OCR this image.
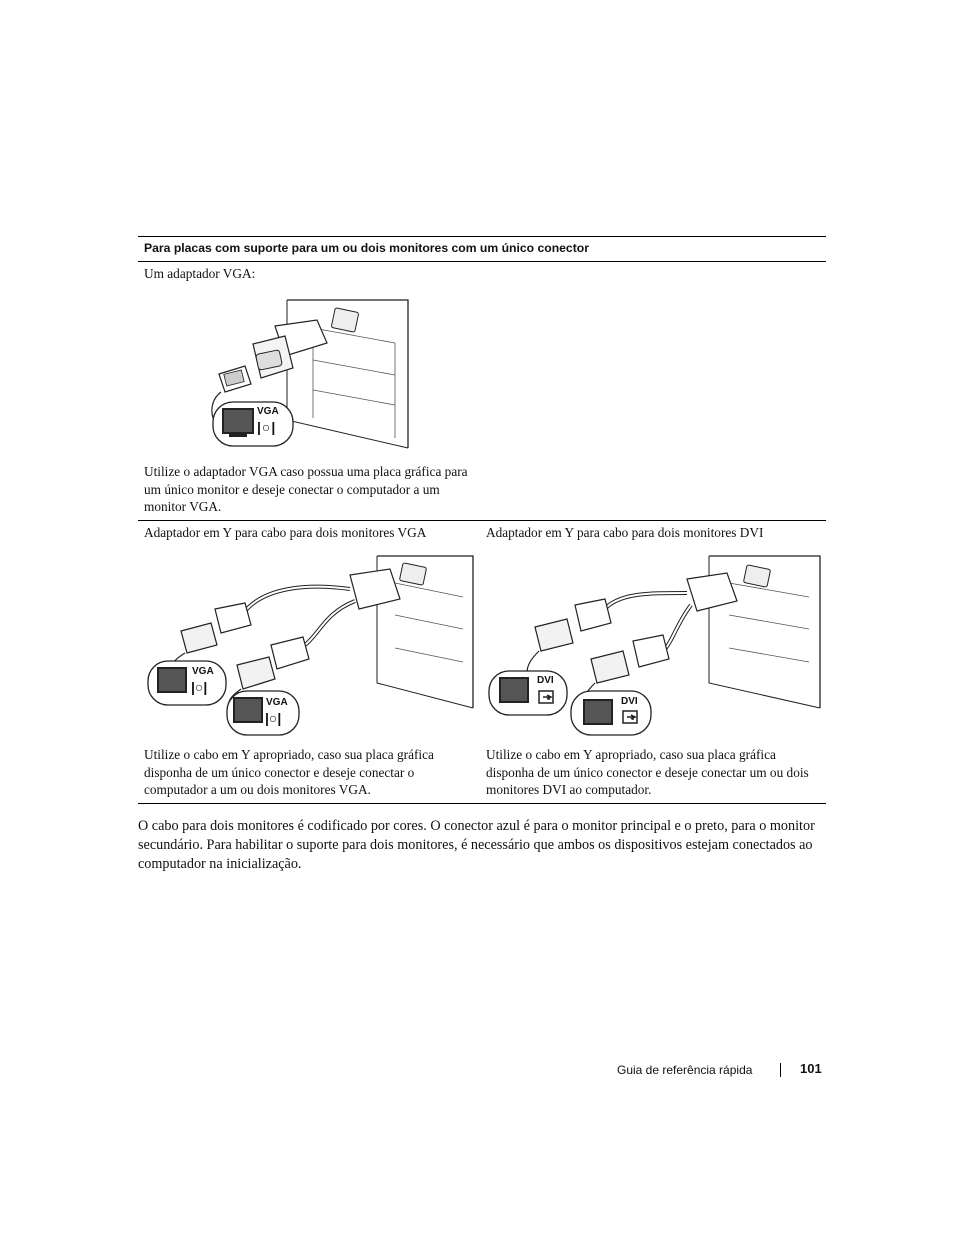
Para placas com suporte para um ou dois monitores com um único conector
Um adaptador VGA:
VGA
|○|
Utilize o adaptador VGA caso possua uma placa gráfica para um único monitor e deseje conectar o computador a um monitor VGA.
Adaptador em Y para cabo para dois monitores VGA
VGA
|○|
VGA
|○|
Utilize o cabo em Y apropriado, caso sua placa gráfica disponha de um único conector e deseje conectar o computador a um ou dois monitores VGA.
Adaptador em Y para cabo para dois monitores DVI
DVI
DVI
Utilize o cabo em Y apropriado, caso sua placa gráfica disponha de um único conector e deseje conectar um ou dois monitores DVI ao computador.
O cabo para dois monitores é codificado por cores. O conector azul é para o monitor principal e o preto, para o monitor secundário. Para habilitar o suporte para dois monitores, é necessário que ambos os dispositivos estejam conectados ao computador na inicialização.
Guia de referência rápida	101
